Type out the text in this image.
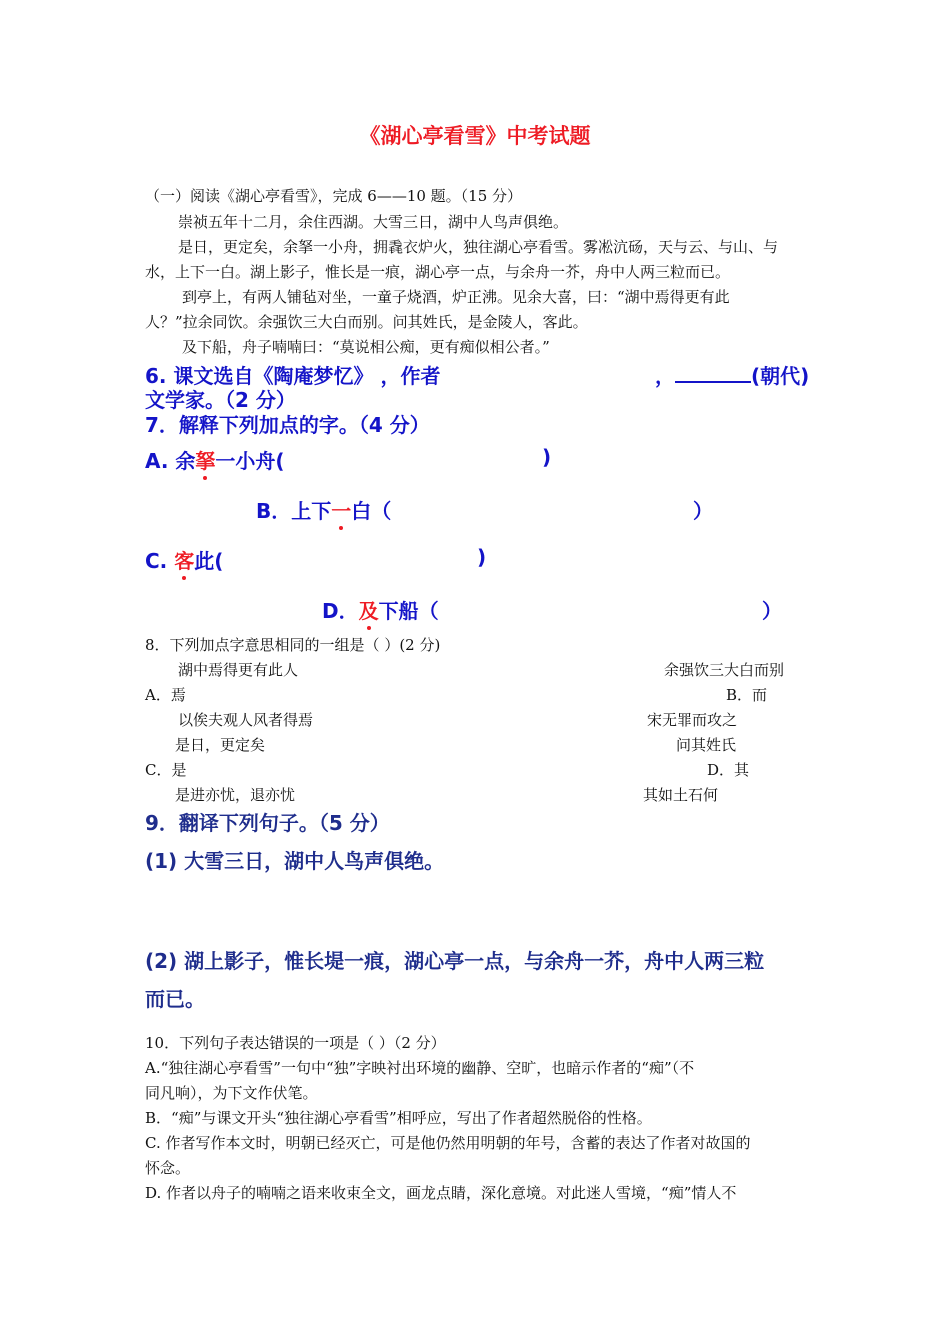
《湖心亭看雪》中考试题
（一）阅读《湖心亭看雪》，完成 6——10 题。（15 分）
崇祯五年十二月，余住西湖。大雪三日，湖中人鸟声俱绝。
是日，更定矣，余拏一小舟，拥毳衣炉火，独往湖心亭看雪。雾凇沆砀，天与云、与山、与
水，上下一白。湖上影子，惟长是一痕，湖心亭一点，与余舟一芥，舟中人两三粒而已。
到亭上，有两人铺毡对坐，一童子烧酒，炉正沸。见余大喜，曰：“湖中焉得更有此
人？”拉余同饮。余强饮三大白而别。问其姓氏，是金陵人，客此。
及下船，舟子喃喃曰：“莫说相公痴，更有痴似相公者。”
6. 课文选自《陶庵梦忆》 ，作者	，	(朝代)
文学家。（2 分）
7．解释下列加点的字。（4 分）
A. 余拏一小舟(	)
B．上下一白（	）
C. 客此(	)
D．及下船（	）
8．下列加点字意思相同的一组是（ ）(2 分)
湖中焉得更有此人	余强饮三大白而别
A．焉	B．而
以俟夫观人风者得焉	宋无罪而攻之
是日，更定矣	问其姓氏
C．是	D．其
是进亦忧，退亦忧	其如土石何
9．翻译下列句子。（5 分）
(1) 大雪三日，湖中人鸟声俱绝。
(2) 湖上影子，惟长堤一痕，湖心亭一点，与余舟一芥，舟中人两三粒
而已。
10．下列句子表达错误的一项是（ ）（2 分）
A.“独往湖心亭看雪”一句中“独”字映衬出环境的幽静、空旷，也暗示作者的“痴”（不
同凡响），为下文作伏笔。
B．“痴”与课文开头“独往湖心亭看雪”相呼应，写出了作者超然脱俗的性格。
C. 作者写作本文时，明朝已经灭亡，可是他仍然用明朝的年号，含蓄的表达了作者对故国的
怀念。
D. 作者以舟子的喃喃之语来收束全文，画龙点睛，深化意境。对此迷人雪境，“痴”情人不
